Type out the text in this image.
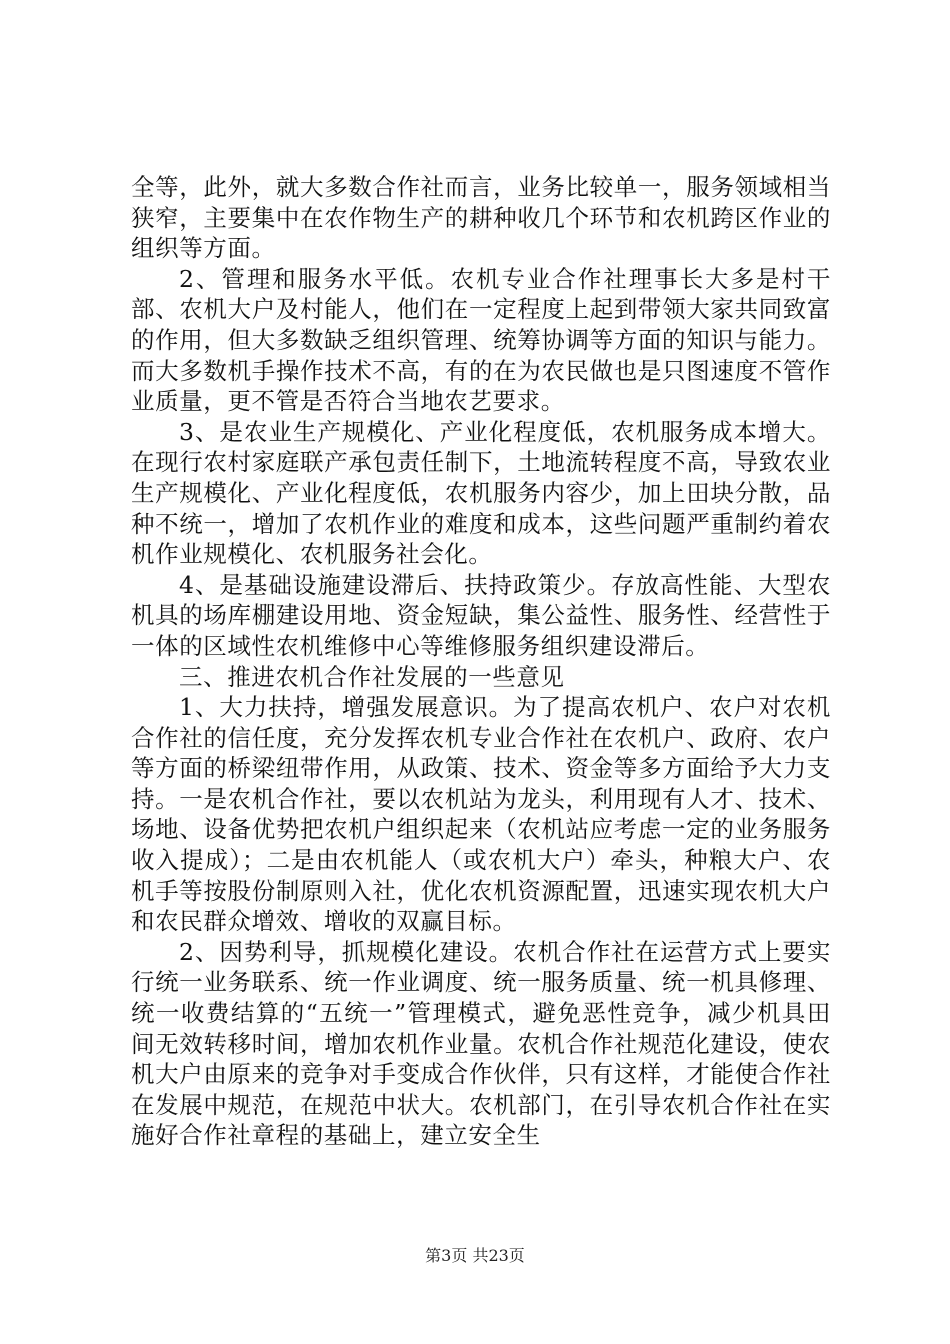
全等，此外，就大多数合作社而言，业务比较单一，服务领域相当狭窄，主要集中在农作物生产的耕种收几个环节和农机跨区作业的组织等方面。

2、管理和服务水平低。农机专业合作社理事长大多是村干部、农机大户及村能人，他们在一定程度上起到带领大家共同致富的作用，但大多数缺乏组织管理、统筹协调等方面的知识与能力。而大多数机手操作技术不高，有的在为农民做也是只图速度不管作业质量，更不管是否符合当地农艺要求。

3、是农业生产规模化、产业化程度低，农机服务成本增大。在现行农村家庭联产承包责任制下，土地流转程度不高，导致农业生产规模化、产业化程度低，农机服务内容少，加上田块分散，品种不统一，增加了农机作业的难度和成本，这些问题严重制约着农机作业规模化、农机服务社会化。

4、是基础设施建设滞后、扶持政策少。存放高性能、大型农机具的场库棚建设用地、资金短缺，集公益性、服务性、经营性于一体的区域性农机维修中心等维修服务组织建设滞后。

三、推进农机合作社发展的一些意见

1、大力扶持，增强发展意识。为了提高农机户、农户对农机合作社的信任度，充分发挥农机专业合作社在农机户、政府、农户等方面的桥梁纽带作用，从政策、技术、资金等多方面给予大力支持。一是农机合作社，要以农机站为龙头，利用现有人才、技术、场地、设备优势把农机户组织起来（农机站应考虑一定的业务服务收入提成）；二是由农机能人（或农机大户）牵头，种粮大户、农机手等按股份制原则入社，优化农机资源配置，迅速实现农机大户和农民群众增效、增收的双赢目标。

2、因势利导，抓规模化建设。农机合作社在运营方式上要实行统一业务联系、统一作业调度、统一服务质量、统一机具修理、统一收费结算的“五统一”管理模式，避免恶性竞争，减少机具田间无效转移时间，增加农机作业量。农机合作社规范化建设，使农机大户由原来的竞争对手变成合作伙伴，只有这样，才能使合作社在发展中规范，在规范中状大。农机部门，在引导农机合作社在实施好合作社章程的基础上，建立安全生

第3页 共23页
